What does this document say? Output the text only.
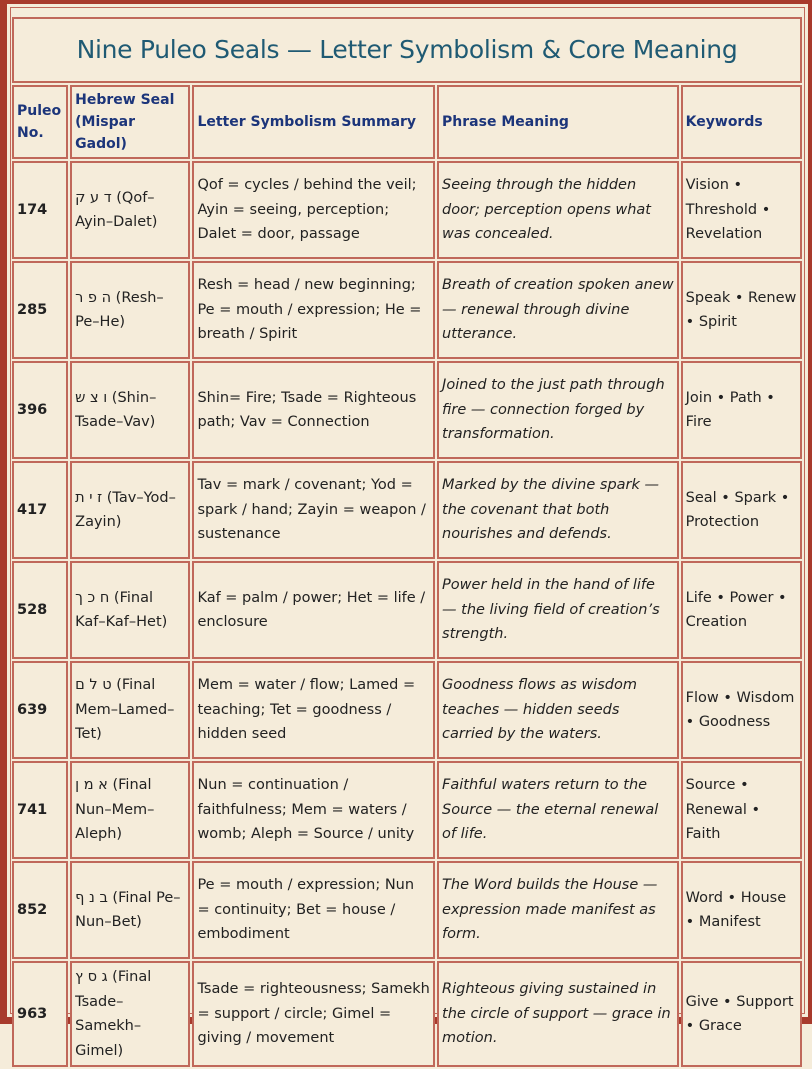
Nine Puleo Seals — Letter Symbolism & Core Meaning				
Puleo No.	Hebrew Seal (Mispar Gadol)	Letter Symbolism Summary	Phrase Meaning	Keywords
174	ק ע ד (Qof–Ayin–Dalet)	Qof = cycles / behind the veil; Ayin = seeing, perception; Dalet = door, passage	Seeing through the hidden door; perception opens what was concealed.	Vision • Threshold • Revelation
285	ר פ ה (Resh–Pe–He)	Resh = head / new beginning; Pe = mouth / expression; He = breath / Spirit	Breath of creation spoken anew — renewal through divine utterance.	Speak • Renew • Spirit
396	ש צ ו (Shin–Tsade–Vav)	Shin= Fire; Tsade = Righteous path; Vav = Connection	Joined to the just path through fire — connection forged by transformation.	Join • Path • Fire
417	ת י ז (Tav–Yod–Zayin)	Tav = mark / covenant; Yod = spark / hand; Zayin = weapon / sustenance	Marked by the divine spark — the covenant that both nourishes and defends.	Seal • Spark • Protection
528	ך כ ח (Final Kaf–Kaf–Het)	Kaf = palm / power; Het = life / enclosure	Power held in the hand of life — the living field of creation’s strength.	Life • Power • Creation
639	ם ל ט (Final Mem–Lamed–Tet)	Mem = water / flow; Lamed = teaching; Tet = goodness / hidden seed	Goodness flows as wisdom teaches — hidden seeds carried by the waters.	Flow • Wisdom • Goodness
741	ן מ א (Final Nun–Mem–Aleph)	Nun = continuation / faithfulness; Mem = waters / womb; Aleph = Source / unity	Faithful waters return to the Source — the eternal renewal of life.	Source • Renewal • Faith
852	ף נ ב (Final Pe–Nun–Bet)	Pe = mouth / expression; Nun = continuity; Bet = house / embodiment	The Word builds the House — expression made manifest as form.	Word • House • Manifest
963	ץ ס ג (Final Tsade–Samekh–Gimel)	Tsade = righteousness; Samekh = support / circle; Gimel = giving / movement	Righteous giving sustained in the circle of support — grace in motion.	Give • Support • Grace
